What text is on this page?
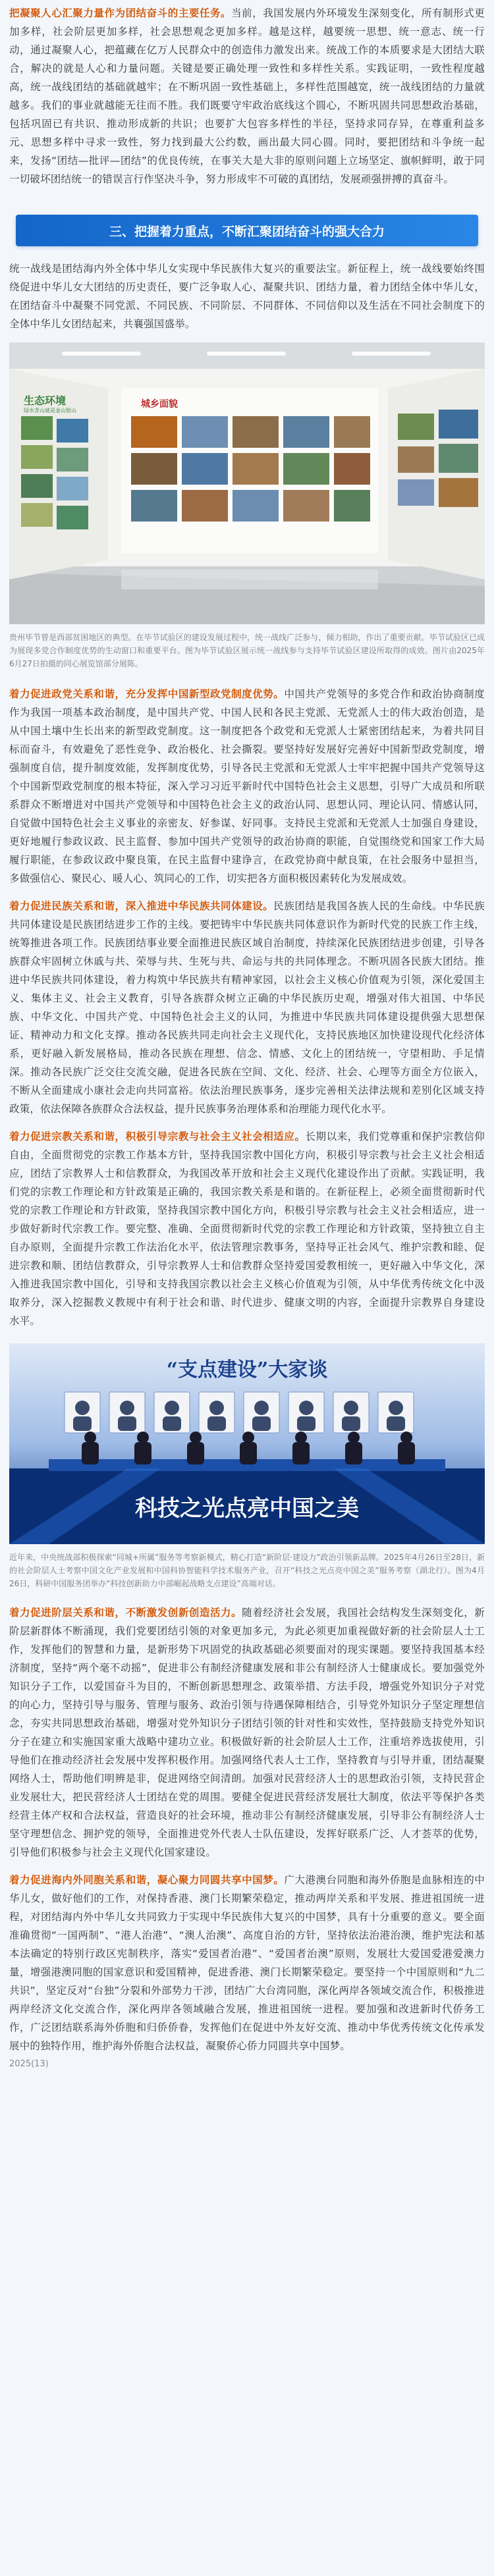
把凝聚人心汇聚力量作为团结奋斗的主要任务。当前，我国发展内外环境发生深刻变化，所有制形式更加多样，社会阶层更加多样，社会思想观念更加多样。越是这样，越要统一思想、统一意志、统一行动，通过凝聚人心，把蕴藏在亿万人民群众中的创造伟力激发出来。统战工作的本质要求是大团结大联合，解决的就是人心和力量问题。关键是要正确处理一致性和多样性关系。实践证明，一致性程度越高，统一战线团结的基础就越牢；在不断巩固一致性基础上，多样性范围越宽，统一战线团结的力量就越多。我们的事业就越能无往而不胜。我们既要守牢政治底线这个圆心，不断巩固共同思想政治基础，包括巩固已有共识、推动形成新的共识；也要扩大包容多样性的半径，坚持求同存异，在尊重利益多元、思想多样中寻求一致性，努力找到最大公约数，画出最大同心圆。同时，要把团结和斗争统一起来，发扬“团结—批评—团结”的优良传统，在事关大是大非的原则问题上立场坚定、旗帜鲜明，敢于同一切破坏团结统一的错误言行作坚决斗争，努力形成牢不可破的真团结，发展顽强拼搏的真奋斗。

三、把握着力重点，不断汇聚团结奋斗的强大合力

统一战线是团结海内外全体中华儿女实现中华民族伟大复兴的重要法宝。新征程上，统一战线要始终围绕促进中华儿女大团结的历史责任，要广泛争取人心、凝聚共识、团结力量，着力团结全体中华儿女，在团结奋斗中凝聚不同党派、不同民族、不同阶层、不同群体、不同信仰以及生活在不同社会制度下的全体中华儿女团结起来，共襄强国盛举。

生态环境
绿水青山就是金山银山
城乡面貌
贵州毕节曾是西部贫困地区的典型。在毕节试验区的建设发展过程中，统一战线广泛参与，倾力相助，作出了重要贡献。毕节试验区已成为展现多党合作制度优势的生动窗口和重要平台。图为毕节试验区展示统一战线参与支持毕节试验区建设所取得的成效。图片由2025年6月27日拍摄的同心展览馆部分展陈。

着力促进政党关系和谐，充分发挥中国新型政党制度优势。中国共产党领导的多党合作和政治协商制度作为我国一项基本政治制度，是中国共产党、中国人民和各民主党派、无党派人士的伟大政治创造，是从中国土壤中生长出来的新型政党制度。这一制度把各个政党和无党派人士紧密团结起来，为着共同目标而奋斗，有效避免了恶性竞争、政治极化、社会撕裂。要坚持好发展好完善好中国新型政党制度，增强制度自信，提升制度效能，发挥制度优势，引导各民主党派和无党派人士牢牢把握中国共产党领导这个中国新型政党制度的根本特征，深入学习习近平新时代中国特色社会主义思想，引导广大成员和所联系群众不断增进对中国共产党领导和中国特色社会主义的政治认同、思想认同、理论认同、情感认同，自觉做中国特色社会主义事业的亲密友、好参谋、好同事。支持民主党派和无党派人士加强自身建设，更好地履行参政议政、民主监督、参加中国共产党领导的政治协商的职能，自觉围绕党和国家工作大局履行职能，在参政议政中聚良策，在民主监督中建诤言，在政党协商中献良策，在社会服务中显担当，多做强信心、聚民心、暖人心、筑同心的工作，切实把各方面积极因素转化为发展成效。

着力促进民族关系和谐，深入推进中华民族共同体建设。民族团结是我国各族人民的生命线。中华民族共同体建设是民族团结进步工作的主线。要把铸牢中华民族共同体意识作为新时代党的民族工作主线，统筹推进各项工作。民族团结事业要全面推进民族区域自治制度，持续深化民族团结进步创建，引导各族群众牢固树立休戚与共、荣辱与共、生死与共、命运与共的共同体理念。不断巩固各民族大团结。推进中华民族共同体建设，着力构筑中华民族共有精神家园，以社会主义核心价值观为引领，深化爱国主义、集体主义、社会主义教育，引导各族群众树立正确的中华民族历史观，增强对伟大祖国、中华民族、中华文化、中国共产党、中国特色社会主义的认同，为推进中华民族共同体建设提供强大思想保证、精神动力和文化支撑。推动各民族共同走向社会主义现代化，支持民族地区加快建设现代化经济体系，更好融入新发展格局，推动各民族在理想、信念、情感、文化上的团结统一，守望相助、手足情深。推动各民族广泛交往交流交融，促进各民族在空间、文化、经济、社会、心理等方面全方位嵌入，不断从全面建成小康社会走向共同富裕。依法治理民族事务，逐步完善相关法律法规和差别化区域支持政策，依法保障各族群众合法权益，提升民族事务治理体系和治理能力现代化水平。

着力促进宗教关系和谐，积极引导宗教与社会主义社会相适应。长期以来，我们党尊重和保护宗教信仰自由，全面贯彻党的宗教工作基本方针，坚持我国宗教中国化方向，积极引导宗教与社会主义社会相适应，团结了宗教界人士和信教群众，为我国改革开放和社会主义现代化建设作出了贡献。实践证明，我们党的宗教工作理论和方针政策是正确的，我国宗教关系是和谐的。在新征程上，必须全面贯彻新时代党的宗教工作理论和方针政策，坚持我国宗教中国化方向，积极引导宗教与社会主义社会相适应，进一步做好新时代宗教工作。要完整、准确、全面贯彻新时代党的宗教工作理论和方针政策，坚持独立自主自办原则，全面提升宗教工作法治化水平，依法管理宗教事务，坚持导正社会风气、维护宗教和睦、促进宗教和顺、团结信教群众，引导宗教界人士和信教群众坚持爱国爱教相统一，更好融入中华文化，深入推进我国宗教中国化，引导和支持我国宗教以社会主义核心价值观为引领，从中华优秀传统文化中汲取养分，深入挖掘教义教规中有利于社会和谐、时代进步、健康文明的内容，全面提升宗教界自身建设水平。

“支点建设”大家谈
科技之光点亮中国之美
近年来，中央统战部积极探索“同城+所属”服务等考察新模式，精心打造“新阶层·建设力”政治引领新品牌。2025年4月26日至28日，新的社会阶层人士考察中国文化产业发展和中国科协智能科学技术服务产业，召开“科技之光点亮中国之美”服务考察（湖北行）。图为4月26日，科研中国服务团举办“科技创新助力中部崛起战略支点建设”高端对话。

着力促进阶层关系和谐，不断激发创新创造活力。随着经济社会发展，我国社会结构发生深刻变化，新阶层新群体不断涌现，我们党要团结引领的对象更加多元，为此必须更加重视做好新的社会阶层人士工作，发挥他们的智慧和力量，是新形势下巩固党的执政基础必须要面对的现实课题。要坚持我国基本经济制度，坚持“两个毫不动摇”，促进非公有制经济健康发展和非公有制经济人士健康成长。要加强党外知识分子工作，以爱国奋斗为目的，不断创新思想理念、政策举措、方法手段，增强党外知识分子对党的向心力，坚持引导与服务、管理与服务、政治引领与待遇保障相结合，引导党外知识分子坚定理想信念，夯实共同思想政治基础，增强对党外知识分子团结引领的针对性和实效性，坚持鼓励支持党外知识分子在建立和实施国家重大战略中建功立业。积极做好新的社会阶层人士工作，注重培养选拔使用，引导他们在推动经济社会发展中发挥积极作用。加强网络代表人士工作，坚持教育与引导并重，团结凝聚网络人士，帮助他们明辨是非，促进网络空间清朗。加强对民营经济人士的思想政治引领，支持民营企业发展壮大，把民营经济人士团结在党的周围。要健全促进民营经济发展壮大制度，依法平等保护各类经营主体产权和合法权益，营造良好的社会环境，推动非公有制经济健康发展，引导非公有制经济人士坚守理想信念、拥护党的领导，全面推进党外代表人士队伍建设，发挥好联系广泛、人才荟萃的优势，引导他们积极参与社会主义现代化国家建设。

着力促进海内外同胞关系和谐，凝心聚力同圆共享中国梦。广大港澳台同胞和海外侨胞是血脉相连的中华儿女，做好他们的工作，对保持香港、澳门长期繁荣稳定，推动两岸关系和平发展、推进祖国统一进程，对团结海内外中华儿女共同致力于实现中华民族伟大复兴的中国梦，具有十分重要的意义。要全面准确贯彻“一国两制”、“港人治港”、“澳人治澳”、高度自治的方针，坚持依法治港治澳，维护宪法和基本法确定的特别行政区宪制秩序，落实“爱国者治港”、“爱国者治澳”原则，发展壮大爱国爱港爱澳力量，增强港澳同胞的国家意识和爱国精神，促进香港、澳门长期繁荣稳定。要坚持一个中国原则和“九二共识”，坚定反对“台独”分裂和外部势力干涉，团结广大台湾同胞，深化两岸各领域交流合作，积极推进两岸经济文化交流合作，深化两岸各领域融合发展，推进祖国统一进程。要加强和改进新时代侨务工作，广泛团结联系海外侨胞和归侨侨眷，发挥他们在促进中外友好交流、推动中华优秀传统文化传承发展中的独特作用，维护海外侨胞合法权益，凝聚侨心侨力同圆共享中国梦。

2025(13)
